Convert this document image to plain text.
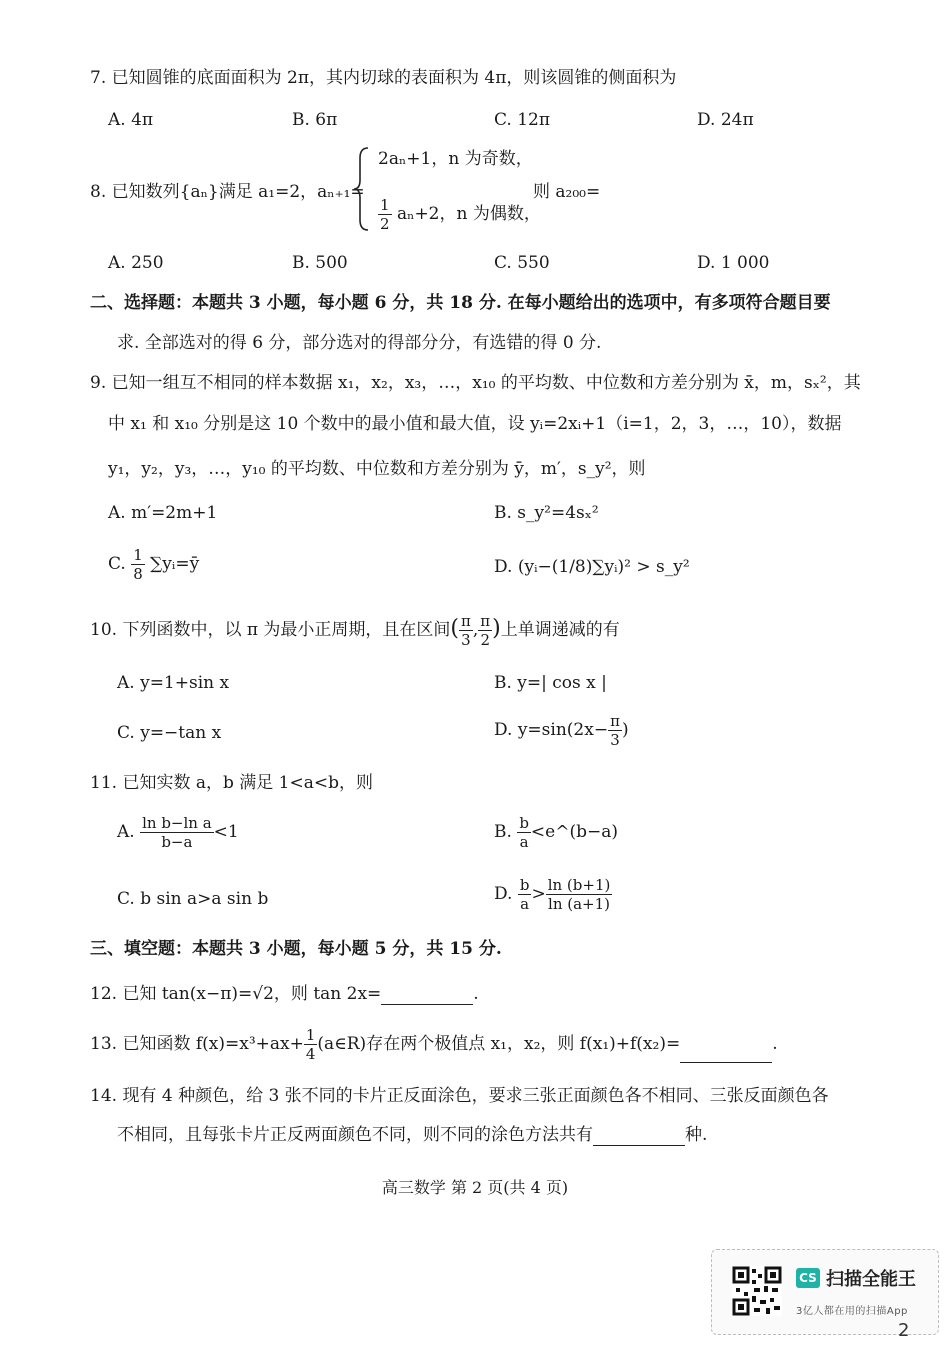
7. 已知圆锥的底面面积为 2π，其内切球的表面积为 4π，则该圆锥的侧面积为
A. 4π	B. 6π	C. 12π	D. 24π
8. 已知数列{aₙ}满足 a₁=2，aₙ₊₁=
2aₙ+1，n 为奇数，
$\frac{1}{2} a_n+2$，n 为偶数，
则 a₂₀₀=
A. 250	B. 500	C. 550	D. 1 000
二、选择题：本题共 3 小题，每小题 6 分，共 18 分. 在每小题给出的选项中，有多项符合题目要
求. 全部选对的得 6 分，部分选对的得部分分，有选错的得 0 分.
9. 已知一组互不相同的样本数据 x₁，x₂，x₃，…，x₁₀ 的平均数、中位数和方差分别为 x̄，m，sₓ²，其
中 x₁ 和 x₁₀ 分别是这 10 个数中的最小值和最大值，设 yᵢ=2xᵢ+1（i=1，2，3，…，10），数据
y₁，y₂，y₃，…，y₁₀ 的平均数、中位数和方差分别为 ȳ，m′，s_y²，则
A. m′=2m+1	B. s_y²=4sₓ²
C. $\frac{1}{8}$ ∑yᵢ=ȳ	D. (yᵢ−(1/8)∑yᵢ)² > s_y²
10. 下列函数中，以 π 为最小正周期，且在区间( $\frac{\pi}{3}$ , $\frac{\pi}{2}$ )上单调递减的有
A. y=1+sin x	B. y=| cos x |
C. y=−tan x	D. $y=\sin(2x- \frac{\pi}{3}$ )
11. 已知实数 a，b 满足 1<a<b，则
A. $\frac{\text{ln b−ln a}}{b-a} <1$	B. $\frac{b}{a}$ <e^(b−a)
C. b sin a>a sin b	D. $\frac{b}{a} > \frac{\ln (b+1)}{\ln (a+1)}$
三、填空题：本题共 3 小题，每小题 5 分，共 15 分.
12. 已知 tan(x−π)=√2，则 tan 2x=	.
13. 已知函数 $f(x)=x^3+ax+ \frac{1}{4}$ (a∈R)存在两个极值点 x₁，x₂，则 f(x₁)+f(x₂)=	.
14. 现有 4 种颜色，给 3 张不同的卡片正反面涂色，要求三张正面颜色各不相同、三张反面颜色各
不相同，且每张卡片正反两面颜色不同，则不同的涂色方法共有	种.
高三数学 第 2 页(共 4 页)
CS 扫描全能王
3亿人都在用的扫描App
2
